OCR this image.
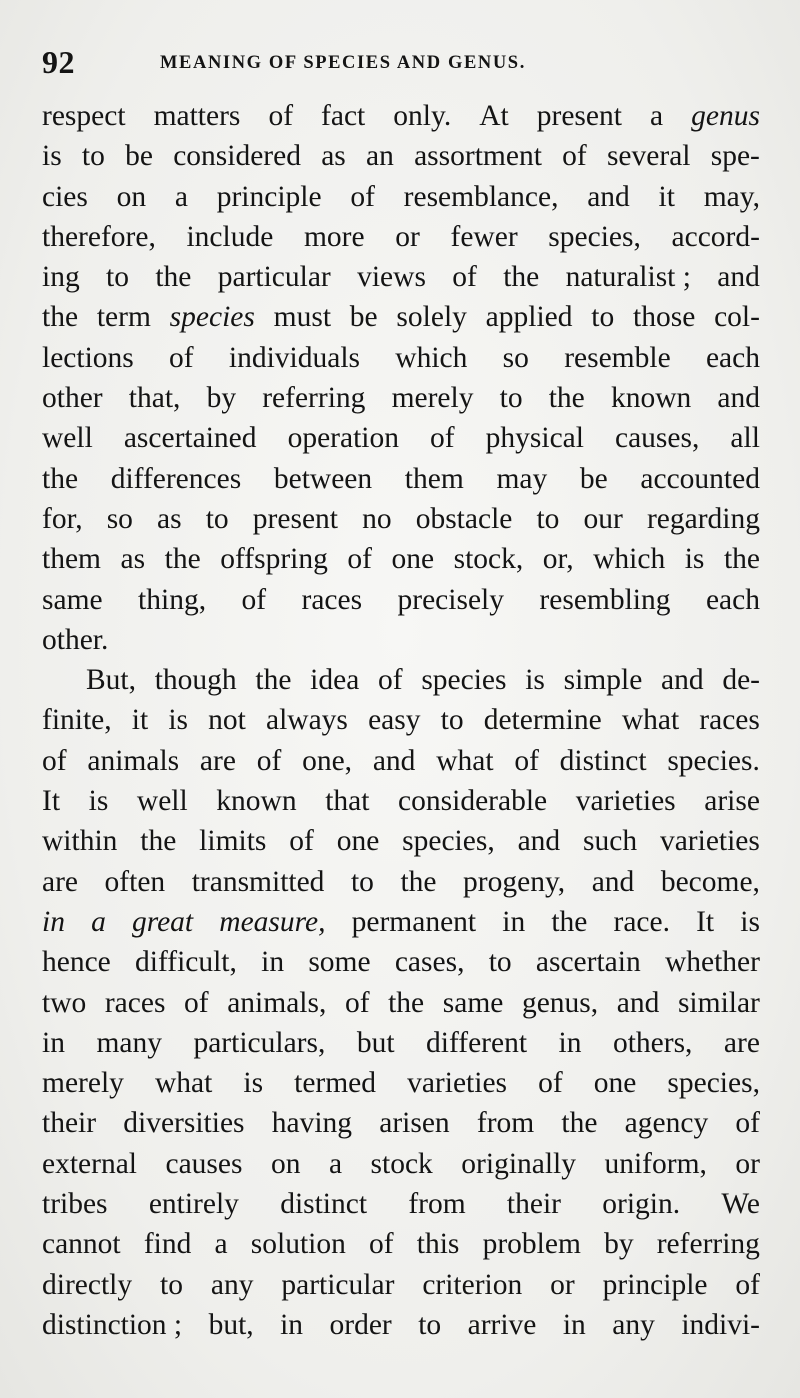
92	MEANING OF SPECIES AND GENUS.
respect matters of fact only. At present a genus
is to be considered as an assortment of several spe-
cies on a principle of resemblance, and it may,
therefore, include more or fewer species, accord-
ing to the particular views of the naturalist ; and
the term species must be solely applied to those col-
lections of individuals which so resemble each
other that, by referring merely to the known and
well ascertained operation of physical causes, all
the differences between them may be accounted
for, so as to present no obstacle to our regarding
them as the offspring of one stock, or, which is the
same thing, of races precisely resembling each
other.
But, though the idea of species is simple and de-
finite, it is not always easy to determine what races
of animals are of one, and what of distinct species.
It is well known that considerable varieties arise
within the limits of one species, and such varieties
are often transmitted to the progeny, and become,
in a great measure, permanent in the race. It is
hence difficult, in some cases, to ascertain whether
two races of animals, of the same genus, and similar
in many particulars, but different in others, are
merely what is termed varieties of one species,
their diversities having arisen from the agency of
external causes on a stock originally uniform, or
tribes entirely distinct from their origin. We
cannot find a solution of this problem by referring
directly to any particular criterion or principle of
distinction ; but, in order to arrive in any indivi-
